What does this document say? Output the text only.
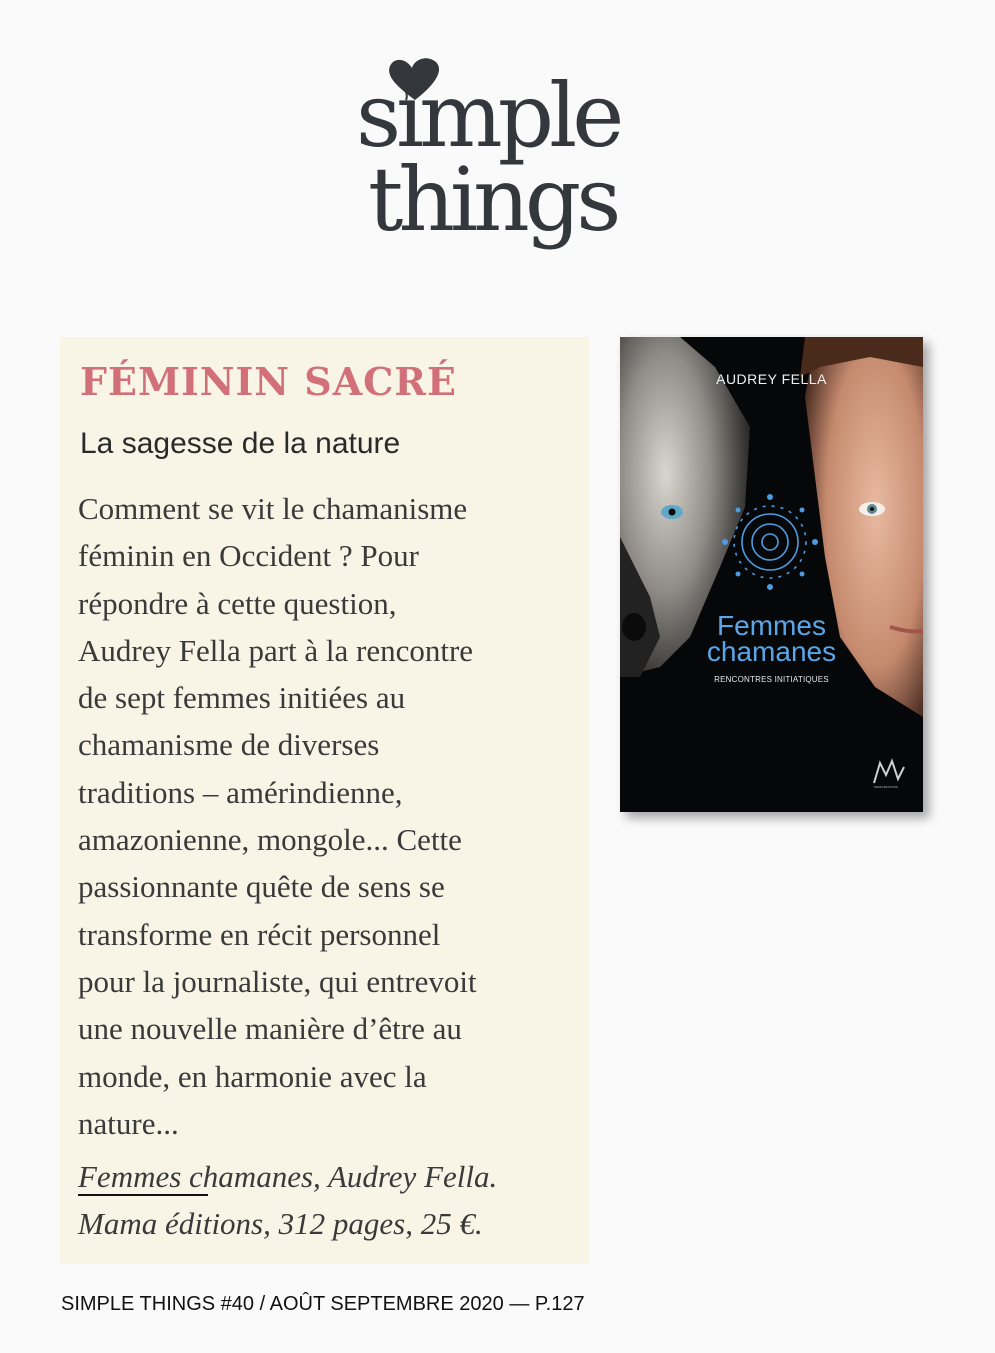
simple
things
FÉMININ SACRÉ
La sagesse de la nature
Comment se vit le chamanisme
féminin en Occident ? Pour
répondre à cette question,
Audrey Fella part à la rencontre
de sept femmes initiées au
chamanisme de diverses
traditions – amérindienne,
amazonienne, mongole... Cette
passionnante quête de sens se
transforme en récit personnel
pour la journaliste, qui entrevoit
une nouvelle manière d’être au
monde, en harmonie avec la
nature...
Femmes chamanes, Audrey Fella.
Mama éditions, 312 pages, 25 €.
AUDREY FELLA
Femmes
chamanes
RENCONTRES INITIATIQUES
MAMA ÉDITIONS
SIMPLE THINGS #40 / AOÛT SEPTEMBRE 2020 — P.127
